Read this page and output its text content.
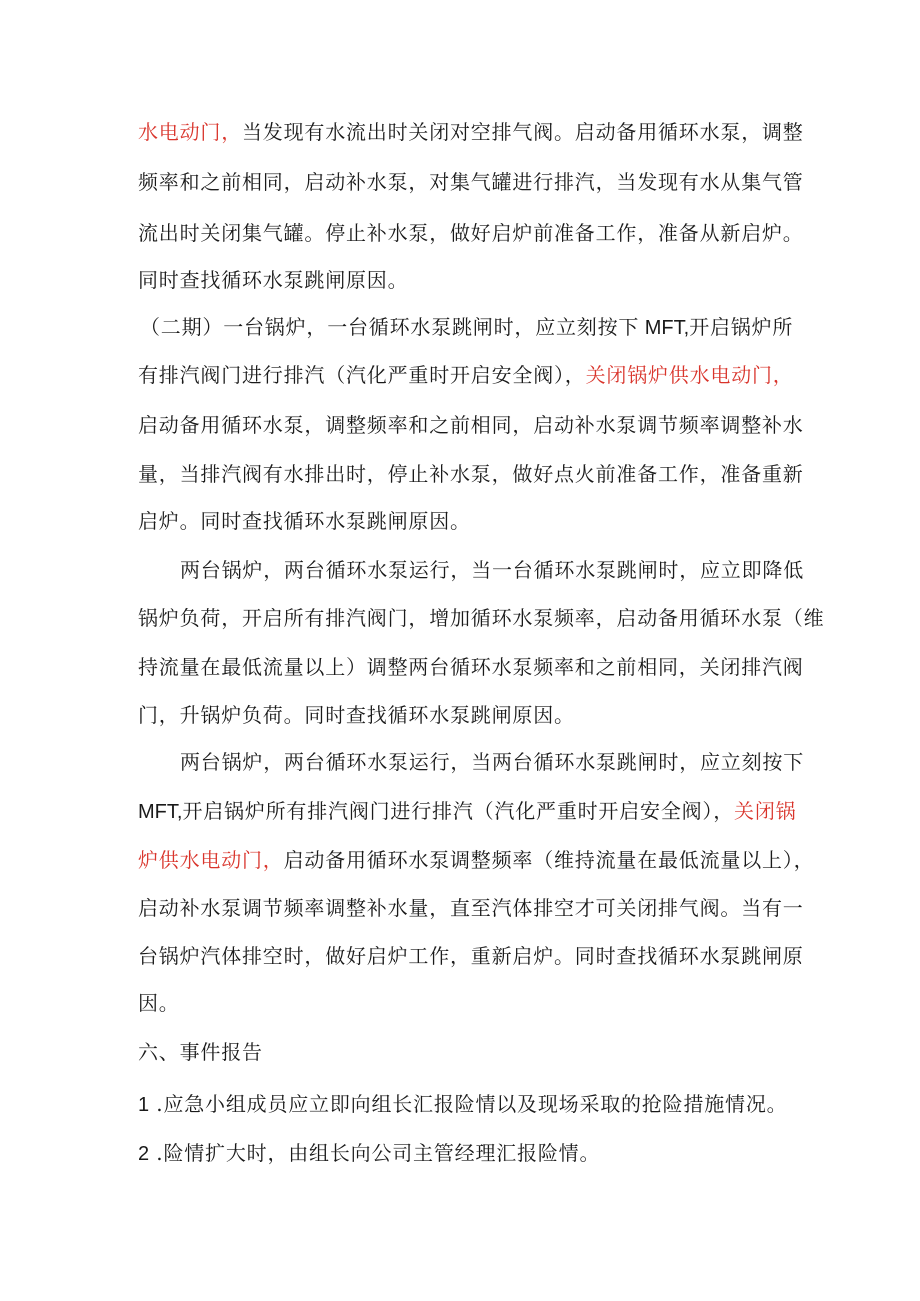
水电动门，当发现有水流出时关闭对空排气阀。启动备用循环水泵，调整
频率和之前相同，启动补水泵，对集气罐进行排汽，当发现有水从集气管
流出时关闭集气罐。停止补水泵，做好启炉前准备工作，准备从新启炉。
同时查找循环水泵跳闸原因。
（二期）一台锅炉，一台循环水泵跳闸时，应立刻按下 MFT,开启锅炉所
有排汽阀门进行排汽（汽化严重时开启安全阀），关闭锅炉供水电动门，
启动备用循环水泵，调整频率和之前相同，启动补水泵调节频率调整补水
量，当排汽阀有水排出时，停止补水泵，做好点火前准备工作，准备重新
启炉。同时查找循环水泵跳闸原因。
两台锅炉，两台循环水泵运行，当一台循环水泵跳闸时，应立即降低
锅炉负荷，开启所有排汽阀门，增加循环水泵频率，启动备用循环水泵（维
持流量在最低流量以上）调整两台循环水泵频率和之前相同，关闭排汽阀
门，升锅炉负荷。同时查找循环水泵跳闸原因。
两台锅炉，两台循环水泵运行，当两台循环水泵跳闸时，应立刻按下
MFT,开启锅炉所有排汽阀门进行排汽（汽化严重时开启安全阀），关闭锅
炉供水电动门，启动备用循环水泵调整频率（维持流量在最低流量以上），
启动补水泵调节频率调整补水量，直至汽体排空才可关闭排气阀。当有一
台锅炉汽体排空时，做好启炉工作，重新启炉。同时查找循环水泵跳闸原
因。
六、事件报告
1 .应急小组成员应立即向组长汇报险情以及现场采取的抢险措施情况。
2 .险情扩大时，由组长向公司主管经理汇报险情。
